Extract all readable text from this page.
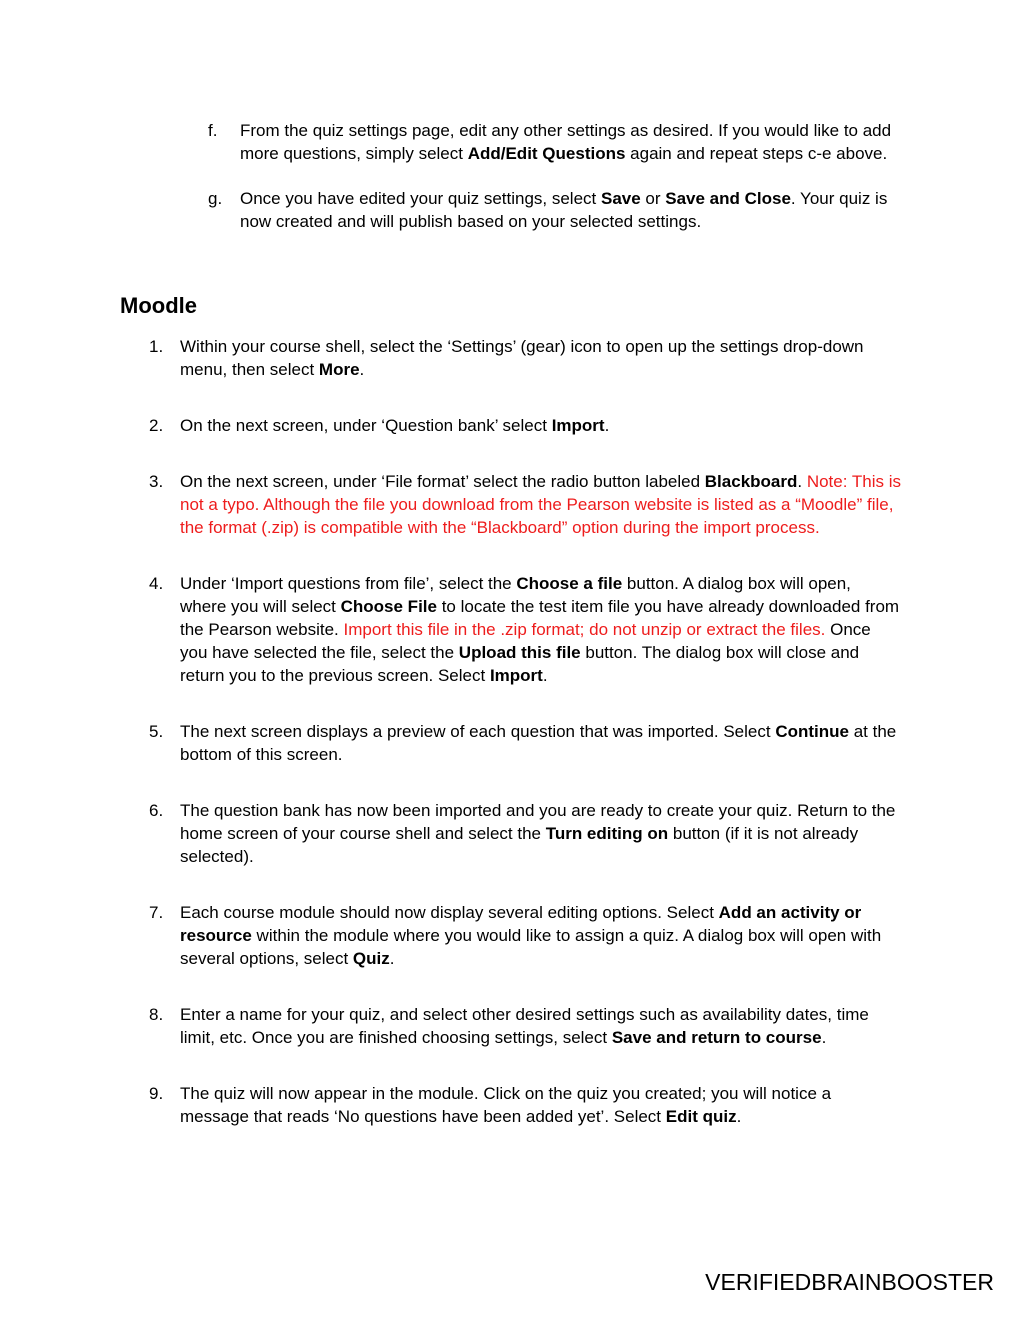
f.	From the quiz settings page, edit any other settings as desired. If you would like to add more questions, simply select Add/Edit Questions again and repeat steps c-e above.
g.	Once you have edited your quiz settings, select Save or Save and Close. Your quiz is now created and will publish based on your selected settings.
Moodle
1. Within your course shell, select the ‘Settings’ (gear) icon to open up the settings drop-down menu, then select More.
2. On the next screen, under ‘Question bank’ select Import.
3. On the next screen, under ‘File format’ select the radio button labeled Blackboard. Note: This is not a typo. Although the file you download from the Pearson website is listed as a “Moodle” file, the format (.zip) is compatible with the “Blackboard” option during the import process.
4. Under ‘Import questions from file’, select the Choose a file button. A dialog box will open, where you will select Choose File to locate the test item file you have already downloaded from the Pearson website. Import this file in the .zip format; do not unzip or extract the files. Once you have selected the file, select the Upload this file button. The dialog box will close and return you to the previous screen. Select Import.
5. The next screen displays a preview of each question that was imported. Select Continue at the bottom of this screen.
6. The question bank has now been imported and you are ready to create your quiz. Return to the home screen of your course shell and select the Turn editing on button (if it is not already selected).
7. Each course module should now display several editing options. Select Add an activity or resource within the module where you would like to assign a quiz. A dialog box will open with several options, select Quiz.
8. Enter a name for your quiz, and select other desired settings such as availability dates, time limit, etc. Once you are finished choosing settings, select Save and return to course.
9. The quiz will now appear in the module. Click on the quiz you created; you will notice a message that reads ‘No questions have been added yet’. Select Edit quiz.
VERIFIEDBRAINBOOSTER
